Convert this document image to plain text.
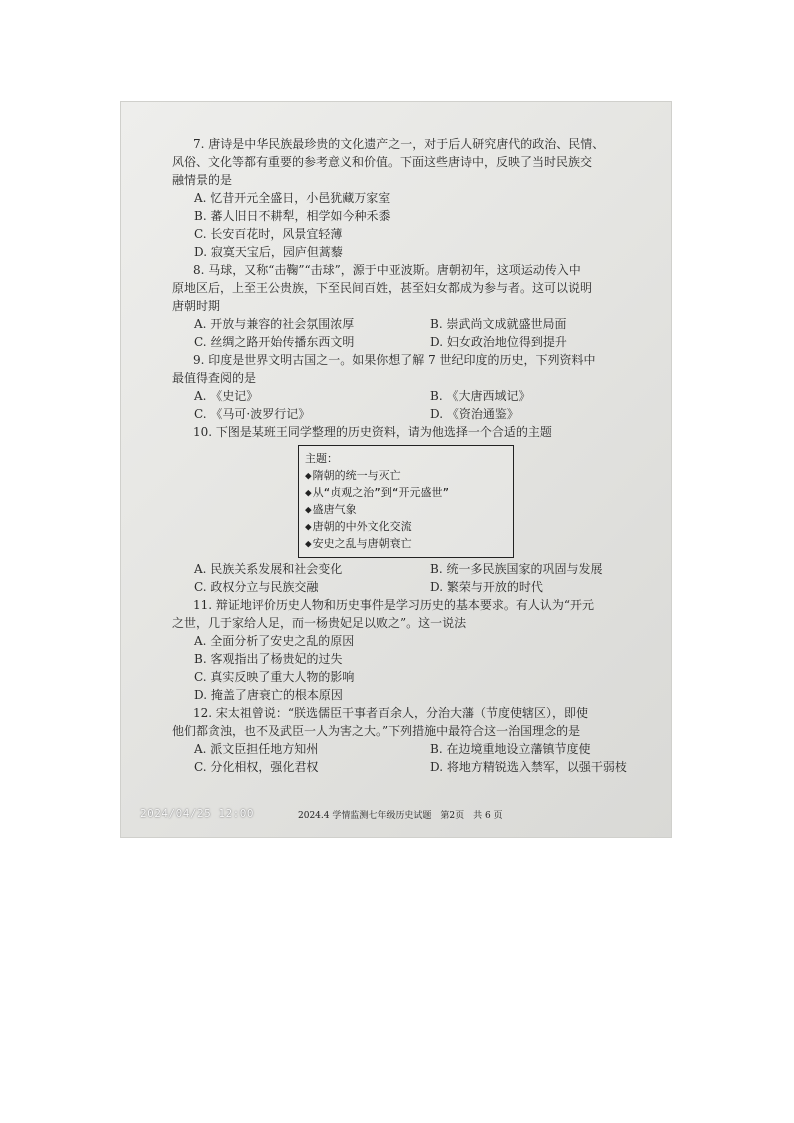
7. 唐诗是中华民族最珍贵的文化遗产之一，对于后人研究唐代的政治、民情、

风俗、文化等都有重要的参考意义和价值。下面这些唐诗中，反映了当时民族交

融情景的是

A. 忆昔开元全盛日，小邑犹藏万家室

B. 蕃人旧日不耕犁，相学如今种禾黍

C. 长安百花时，风景宜轻薄

D. 寂寞天宝后，园庐但蒿藜

8. 马球，又称“击鞠”“击球”，源于中亚波斯。唐朝初年，这项运动传入中

原地区后，上至王公贵族，下至民间百姓，甚至妇女都成为参与者。这可以说明

唐朝时期

A. 开放与兼容的社会氛围浓厚	B. 崇武尚文成就盛世局面
C. 丝绸之路开始传播东西文明	D. 妇女政治地位得到提升

9. 印度是世界文明古国之一。如果你想了解 7 世纪印度的历史，下列资料中

最值得查阅的是

A. 《史记》	B. 《大唐西域记》
C. 《马可·波罗行记》	D. 《资治通鉴》

10. 下图是某班王同学整理的历史资料，请为他选择一个合适的主题

主题：
◆ 隋朝的统一与灭亡
◆ 从“贞观之治”到“开元盛世”
◆ 盛唐气象
◆ 唐朝的中外文化交流
◆ 安史之乱与唐朝衰亡
A. 民族关系发展和社会变化	B. 统一多民族国家的巩固与发展
C. 政权分立与民族交融	D. 繁荣与开放的时代

11. 辩证地评价历史人物和历史事件是学习历史的基本要求。有人认为“开元

之世，几于家给人足，而一杨贵妃足以败之”。这一说法

A. 全面分析了安史之乱的原因

B. 客观指出了杨贵妃的过失

C. 真实反映了重大人物的影响

D. 掩盖了唐衰亡的根本原因

12. 宋太祖曾说：“朕选儒臣干事者百余人，分治大藩（节度使辖区），即使

他们都贪浊，也不及武臣一人为害之大。”下列措施中最符合这一治国理念的是

A. 派文臣担任地方知州	B. 在边境重地设立藩镇节度使
C. 分化相权，强化君权	D. 将地方精锐选入禁军，以强干弱枝
2024/04/25 12:00	2024.4 学情监测七年级历史试题　第2页　共 6 页
